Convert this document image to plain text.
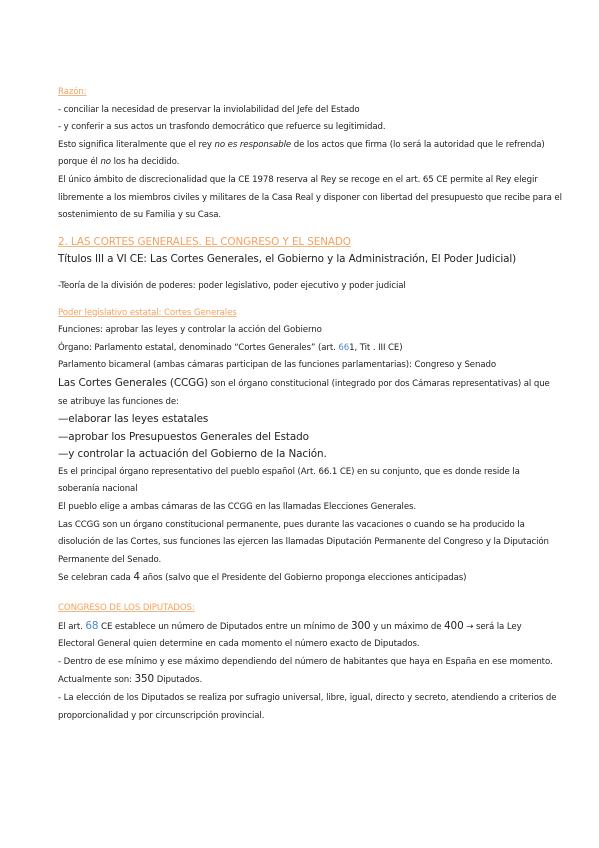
Razón:
- conciliar la necesidad de preservar la inviolabilidad del Jefe del Estado
- y conferir a sus actos un trasfondo democrático que refuerce su legitimidad.
Esto significa literalmente que el rey no es responsable de los actos que firma (lo será la autoridad que le refrenda)
porque él no los ha decidido.
El único ámbito de discrecionalidad que la CE 1978 reserva al Rey se recoge en el art. 65 CE permite al Rey elegir
libremente a los miembros civiles y militares de la Casa Real y disponer con libertad del presupuesto que recibe para el
sostenimiento de su Familia y su Casa.
2. LAS CORTES GENERALES. EL CONGRESO Y EL SENADO
Títulos III a VI CE: Las Cortes Generales, el Gobierno y la Administración, El Poder Judicial)
-Teoría de la división de poderes: poder legislativo, poder ejecutivo y poder judicial
Poder legislativo estatal: Cortes Generales
Funciones: aprobar las leyes y controlar la acción del Gobierno
Órgano: Parlamento estatal, denominado “Cortes Generales” (art. 661, Tit . III CE)
Parlamento bicameral (ambas cámaras participan de las funciones parlamentarias): Congreso y Senado
Las Cortes Generales (CCGG) son el órgano constitucional (integrado por dos Cámaras representativas) al que
se atribuye las funciones de:
—elaborar las leyes estatales
—aprobar los Presupuestos Generales del Estado
—y controlar la actuación del Gobierno de la Nación.
Es el principal órgano representativo del pueblo español (Art. 66.1 CE) en su conjunto, que es donde reside la
soberanía nacional
El pueblo elige a ambas cámaras de las CCGG en las llamadas Elecciones Generales.
Las CCGG son un órgano constitucional permanente, pues durante las vacaciones o cuando se ha producido la
disolución de las Cortes, sus funciones las ejercen las llamadas Diputación Permanente del Congreso y la Diputación
Permanente del Senado.
Se celebran cada 4 años (salvo que el Presidente del Gobierno proponga elecciones anticipadas)
CONGRESO DE LOS DIPUTADOS:
El art. 68 CE establece un número de Diputados entre un mínimo de 300 y un máximo de 400 → será la Ley
Electoral General quien determine en cada momento el número exacto de Diputados.
- Dentro de ese mínimo y ese máximo dependiendo del número de habitantes que haya en España en ese momento.
Actualmente son: 350 Diputados.
- La elección de los Diputados se realiza por sufragio universal, libre, igual, directo y secreto, atendiendo a criterios de
proporcionalidad y por circunscripción provincial.
